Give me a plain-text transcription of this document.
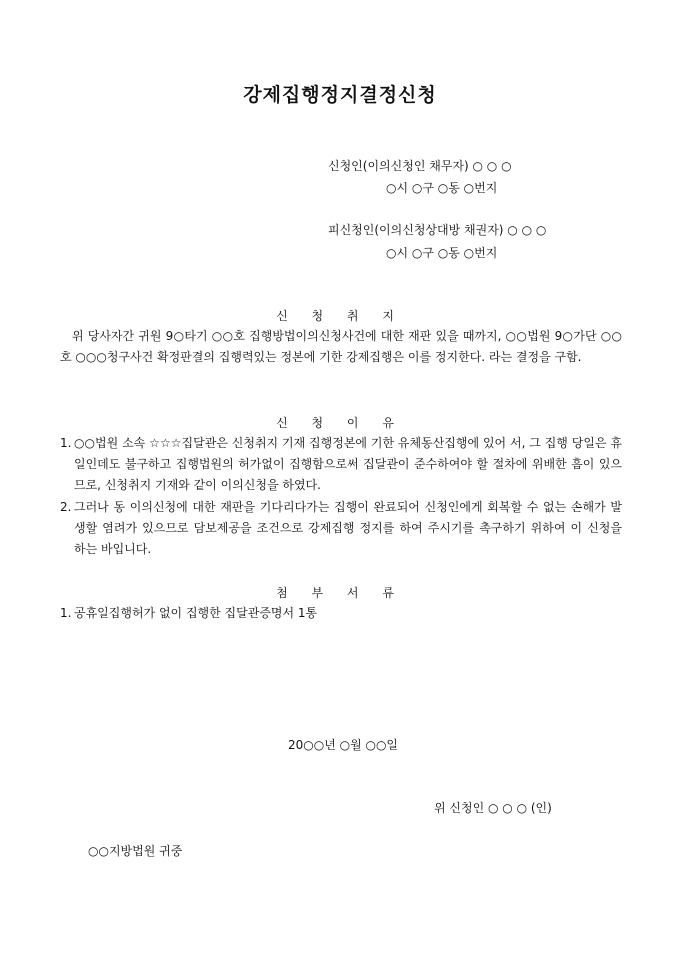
강제집행정지결정신청
신청인(이의신청인 채무자) ○ ○ ○
○시 ○구 ○동 ○번지
피신청인(이의신청상대방 채권자) ○ ○ ○
○시 ○구 ○동 ○번지
신 청 취 지
위 당사자간 귀원 9○타기 ○○호 집행방법이의신청사건에 대한 재판 있을 때까지, ○○법원 9○가단 ○○호 ○○○청구사건 확정판결의 집행력있는 정본에 기한 강제집행은 이를 정지한다. 라는 결정을 구함.
신 청 이 유
1. ○○법원 소속 ☆☆☆집달관은 신청취지 기재 집행정본에 기한 유체동산집행에 있어 서, 그 집행 당일은 휴일인데도 불구하고 집행법원의 허가없이 집행함으로써 집달관이 준수하여야 할 절차에 위배한 흠이 있으므로, 신청취지 기재와 같이 이의신청을 하였다.
2. 그러나 동 이의신청에 대한 재판을 기다리다가는 집행이 완료되어 신청인에게 회복할 수 없는 손해가 발생할 염려가 있으므로 담보제공을 조건으로 강제집행 정지를 하여 주시기를 촉구하기 위하여 이 신청을 하는 바입니다.
첨 부 서 류
1. 공휴일집행허가 없이 집행한 집달관증명서 1통
20○○년 ○월 ○○일
위 신청인 ○ ○ ○ (인)
○○지방법원 귀중
